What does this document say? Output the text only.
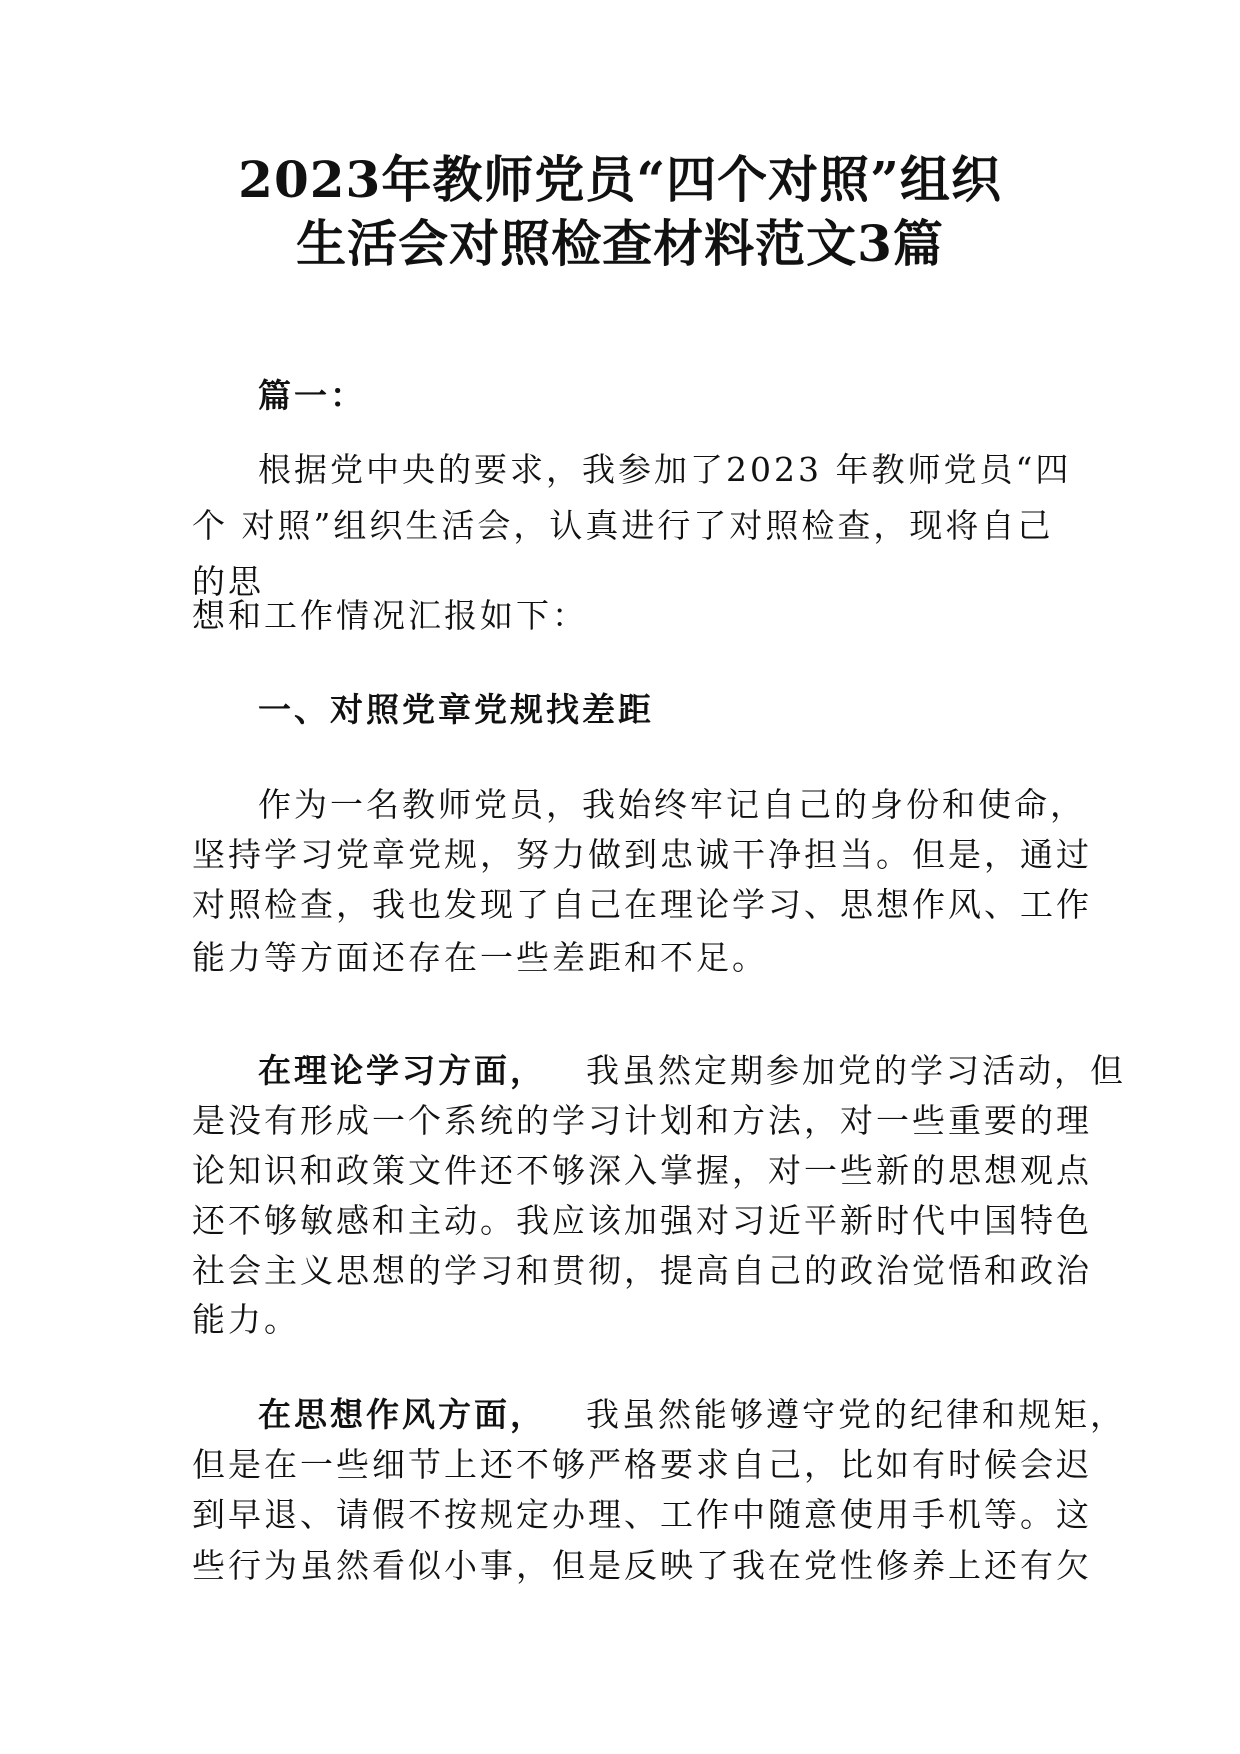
2023年教师党员“四个对照”组织
生活会对照检查材料范文3篇

篇一：

根据党中央的要求，我参加了2023 年教师党员“四
个 对照”组织生活会，认真进行了对照检查，现将自己
的思

想和工作情况汇报如下：

一、对照党章党规找差距

作为一名教师党员，我始终牢记自己的身份和使命，
坚持学习党章党规，努力做到忠诚干净担当。但是，通过
对照检查，我也发现了自己在理论学习、思想作风、工作

能力等方面还存在一些差距和不足。

在理论学习方面， 我虽然定期参加党的学习活动，但
是没有形成一个系统的学习计划和方法，对一些重要的理
论知识和政策文件还不够深入掌握，对一些新的思想观点
还不够敏感和主动。我应该加强对习近平新时代中国特色
社会主义思想的学习和贯彻，提高自己的政治觉悟和政治

能力。

在思想作风方面， 我虽然能够遵守党的纪律和规矩，
但是在一些细节上还不够严格要求自己，比如有时候会迟
到早退、请假不按规定办理、工作中随意使用手机等。这

些行为虽然看似小事，但是反映了我在党性修养上还有欠
